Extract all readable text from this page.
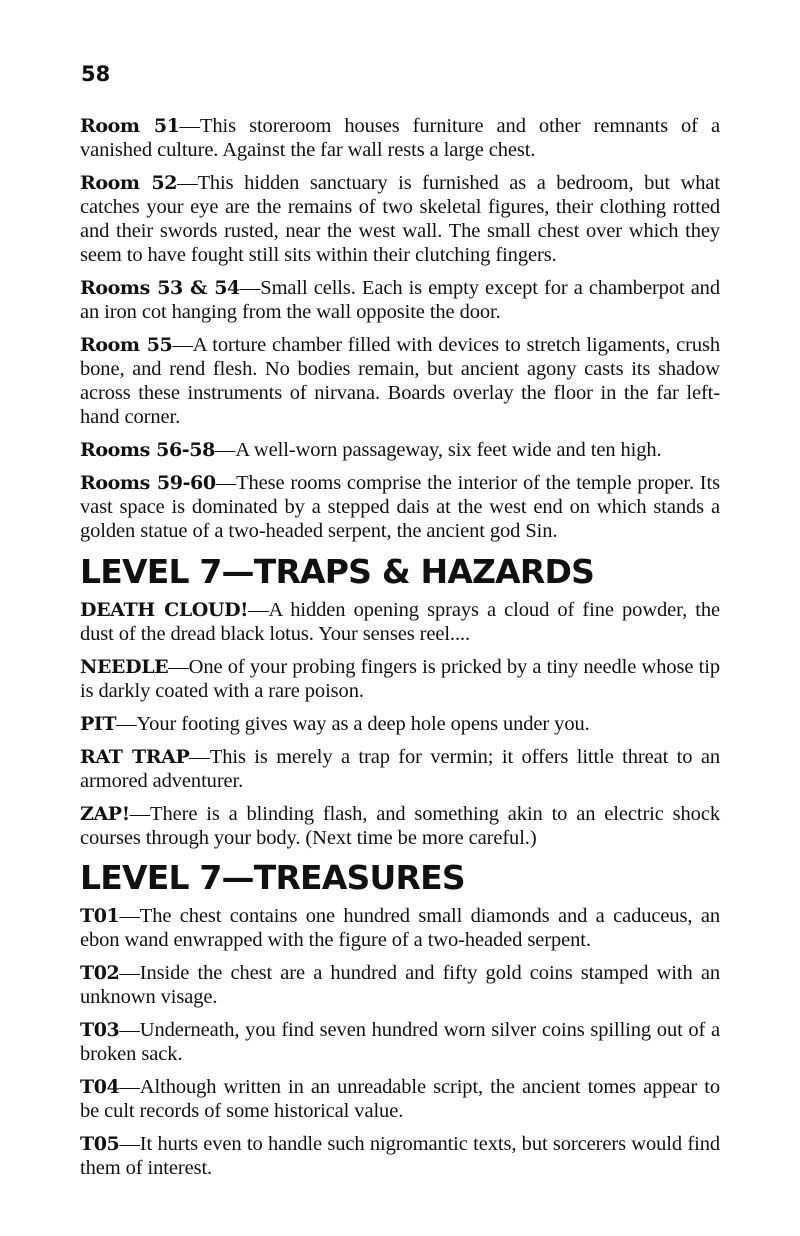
58

Room 51—This storeroom houses furniture and other remnants of a vanished culture. Against the far wall rests a large chest.

Room 52—This hidden sanctuary is furnished as a bedroom, but what catches your eye are the remains of two skeletal figures, their clothing rotted and their swords rusted, near the west wall. The small chest over which they seem to have fought still sits within their clutching fingers.

Rooms 53 & 54—Small cells. Each is empty except for a chamberpot and an iron cot hanging from the wall opposite the door.

Room 55—A torture chamber filled with devices to stretch ligaments, crush bone, and rend flesh. No bodies remain, but ancient agony casts its shadow across these instruments of nirvana. Boards overlay the floor in the far left-hand corner.

Rooms 56-58—A well-worn passageway, six feet wide and ten high.

Rooms 59-60—These rooms comprise the interior of the temple proper. Its vast space is dominated by a stepped dais at the west end on which stands a golden statue of a two-headed serpent, the ancient god Sin.

LEVEL 7—TRAPS & HAZARDS

DEATH CLOUD!—A hidden opening sprays a cloud of fine powder, the dust of the dread black lotus. Your senses reel....

NEEDLE—One of your probing fingers is pricked by a tiny needle whose tip is darkly coated with a rare poison.

PIT—Your footing gives way as a deep hole opens under you.

RAT TRAP—This is merely a trap for vermin; it offers little threat to an armored adventurer.

ZAP!—There is a blinding flash, and something akin to an electric shock courses through your body. (Next time be more careful.)

LEVEL 7—TREASURES

T01—The chest contains one hundred small diamonds and a caduceus, an ebon wand enwrapped with the figure of a two-headed serpent.

T02—Inside the chest are a hundred and fifty gold coins stamped with an unknown visage.

T03—Underneath, you find seven hundred worn silver coins spilling out of a broken sack.

T04—Although written in an unreadable script, the ancient tomes appear to be cult records of some historical value.

T05—It hurts even to handle such nigromantic texts, but sorcerers would find them of interest.
